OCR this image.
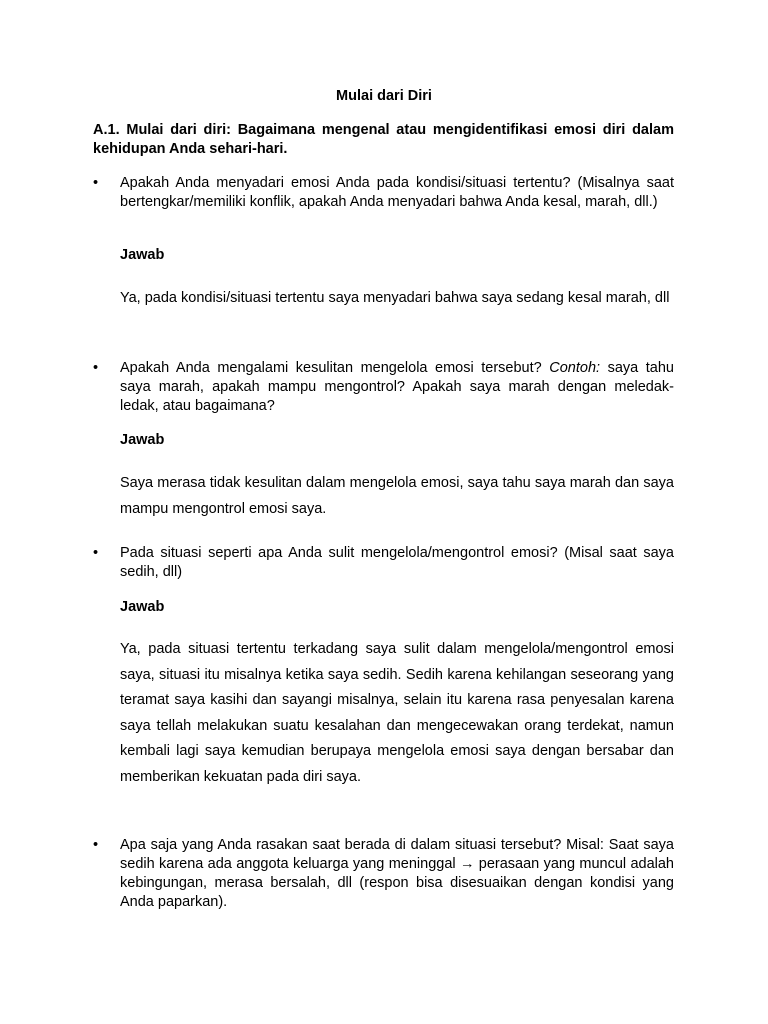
Mulai dari Diri
A.1. Mulai dari diri: Bagaimana mengenal atau mengidentifikasi emosi diri dalam kehidupan Anda sehari-hari.
• Apakah Anda menyadari emosi Anda pada kondisi/situasi tertentu? (Misalnya saat bertengkar/memiliki konflik, apakah Anda menyadari bahwa Anda kesal, marah, dll.)
Jawab
Ya, pada kondisi/situasi tertentu saya menyadari bahwa saya sedang kesal marah, dll
• Apakah Anda mengalami kesulitan mengelola emosi tersebut? Contoh: saya tahu saya marah, apakah mampu mengontrol? Apakah saya marah dengan meledak-ledak, atau bagaimana?
Jawab
Saya merasa tidak kesulitan dalam mengelola emosi, saya tahu saya marah dan saya mampu mengontrol emosi saya.
• Pada situasi seperti apa Anda sulit mengelola/mengontrol emosi? (Misal saat saya sedih, dll)
Jawab
Ya, pada situasi tertentu terkadang saya sulit dalam mengelola/mengontrol emosi saya, situasi itu misalnya ketika saya sedih. Sedih karena kehilangan seseorang yang teramat saya kasihi dan sayangi misalnya, selain itu karena rasa penyesalan karena saya tellah melakukan suatu kesalahan dan mengecewakan orang terdekat, namun kembali lagi saya kemudian berupaya mengelola emosi saya dengan bersabar dan memberikan kekuatan pada diri saya.
• Apa saja yang Anda rasakan saat berada di dalam situasi tersebut? Misal: Saat saya sedih karena ada anggota keluarga yang meninggal → perasaan yang muncul adalah kebingungan, merasa bersalah, dll (respon bisa disesuaikan dengan kondisi yang Anda paparkan).
